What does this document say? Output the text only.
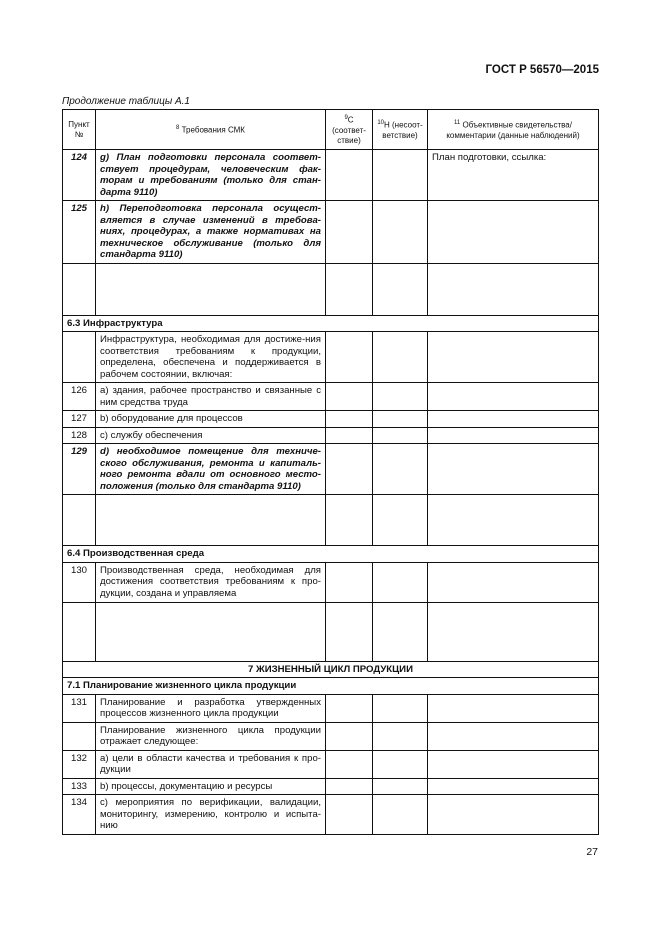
ГОСТ Р 56570—2015
Продолжение таблицы А.1
Пункт №	$^8$ Требования СМК	$^9$С (соответ-ствие)	$^{10}$Н (несоот-ветствие)	$^{11}$ Объективные свидетельства/ комментарии (данные наблюдений)
124	g) План подготовки персонала соответ-ствует процедурам, человеческим фак-торам и требованиям (только для стан-дарта 9110)			План подготовки, ссылка:
125	h) Переподготовка персонала осущест-вляется в случае изменений в требова-ниях, процедурах, а также нормативах на техническое обслуживание (только для стандарта 9110)			

6.3 Инфраструктура				
	Инфраструктура, необходимая для достиже-ния соответствия требованиям к продукции, определена, обеспечена и поддерживается в рабочем состоянии, включая:			
126	a) здания, рабочее пространство и связанные с ним средства труда			
127	b) оборудование для процессов			
128	c) службу обеспечения			
129	d) необходимое помещение для техниче-ского обслуживания, ремонта и капиталь-ного ремонта вдали от основного место-положения (только для стандарта 9110)			

6.4 Производственная среда				
130	Производственная среда, необходимая для достижения соответствия требованиям к про-дукции, создана и управляема			

7 ЖИЗНЕННЫЙ ЦИКЛ ПРОДУКЦИИ				
7.1 Планирование жизненного цикла продукции				
131	Планирование и разработка утвержденных процессов жизненного цикла продукции			
	Планирование жизненного цикла продукции отражает следующее:			
132	a) цели в области качества и требования к про-дукции			
133	b) процессы, документацию и ресурсы			
134	c) мероприятия по верификации, валидации, мониторингу, измерению, контролю и испыта-нию			
27
